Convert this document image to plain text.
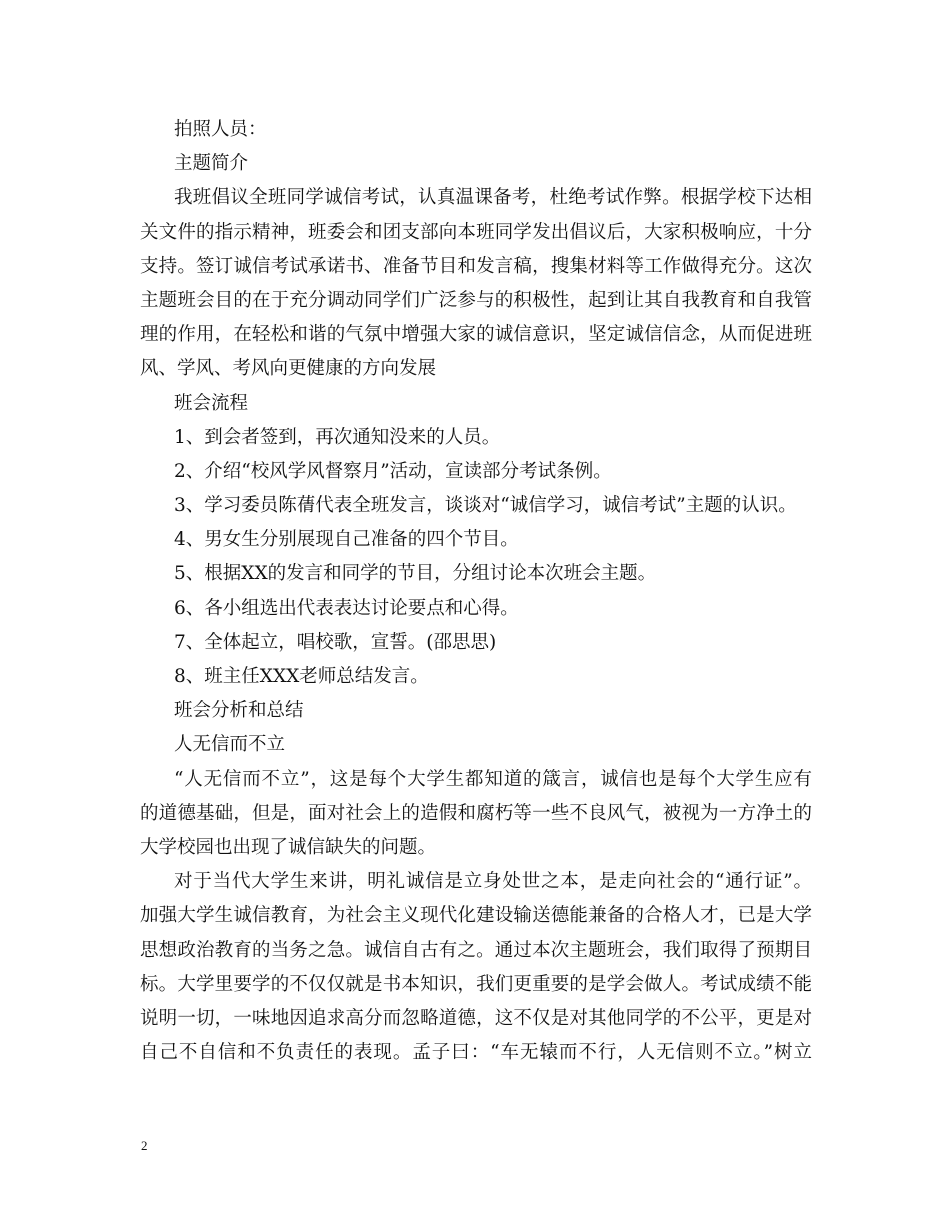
拍照人员：

主题简介

我班倡议全班同学诚信考试，认真温课备考，杜绝考试作弊。根据学校下达相

关文件的指示精神，班委会和团支部向本班同学发出倡议后，大家积极响应，十分

支持。签订诚信考试承诺书、准备节目和发言稿，搜集材料等工作做得充分。这次

主题班会目的在于充分调动同学们广泛参与的积极性，起到让其自我教育和自我管

理的作用，在轻松和谐的气氛中增强大家的诚信意识，坚定诚信信念，从而促进班

风、学风、考风向更健康的方向发展

班会流程

1、到会者签到，再次通知没来的人员。

2、介绍“校风学风督察月”活动，宣读部分考试条例。

3、学习委员陈蒨代表全班发言，谈谈对“诚信学习，诚信考试”主题的认识。

4、男女生分别展现自己准备的四个节目。

5、根据XX的发言和同学的节目，分组讨论本次班会主题。

6、各小组选出代表表达讨论要点和心得。

7、全体起立，唱校歌，宣誓。(邵思思)

8、班主任XXX老师总结发言。

班会分析和总结

人无信而不立

“人无信而不立”，这是每个大学生都知道的箴言，诚信也是每个大学生应有

的道德基础，但是，面对社会上的造假和腐朽等一些不良风气，被视为一方净土的

大学校园也出现了诚信缺失的问题。

对于当代大学生来讲，明礼诚信是立身处世之本，是走向社会的“通行证”。

加强大学生诚信教育，为社会主义现代化建设输送德能兼备的合格人才，已是大学

思想政治教育的当务之急。诚信自古有之。通过本次主题班会，我们取得了预期目

标。大学里要学的不仅仅就是书本知识，我们更重要的是学会做人。考试成绩不能

说明一切，一味地因追求高分而忽略道德，这不仅是对其他同学的不公平，更是对

自己不自信和不负责任的表现。孟子曰：“车无辕而不行，人无信则不立。”树立

2
